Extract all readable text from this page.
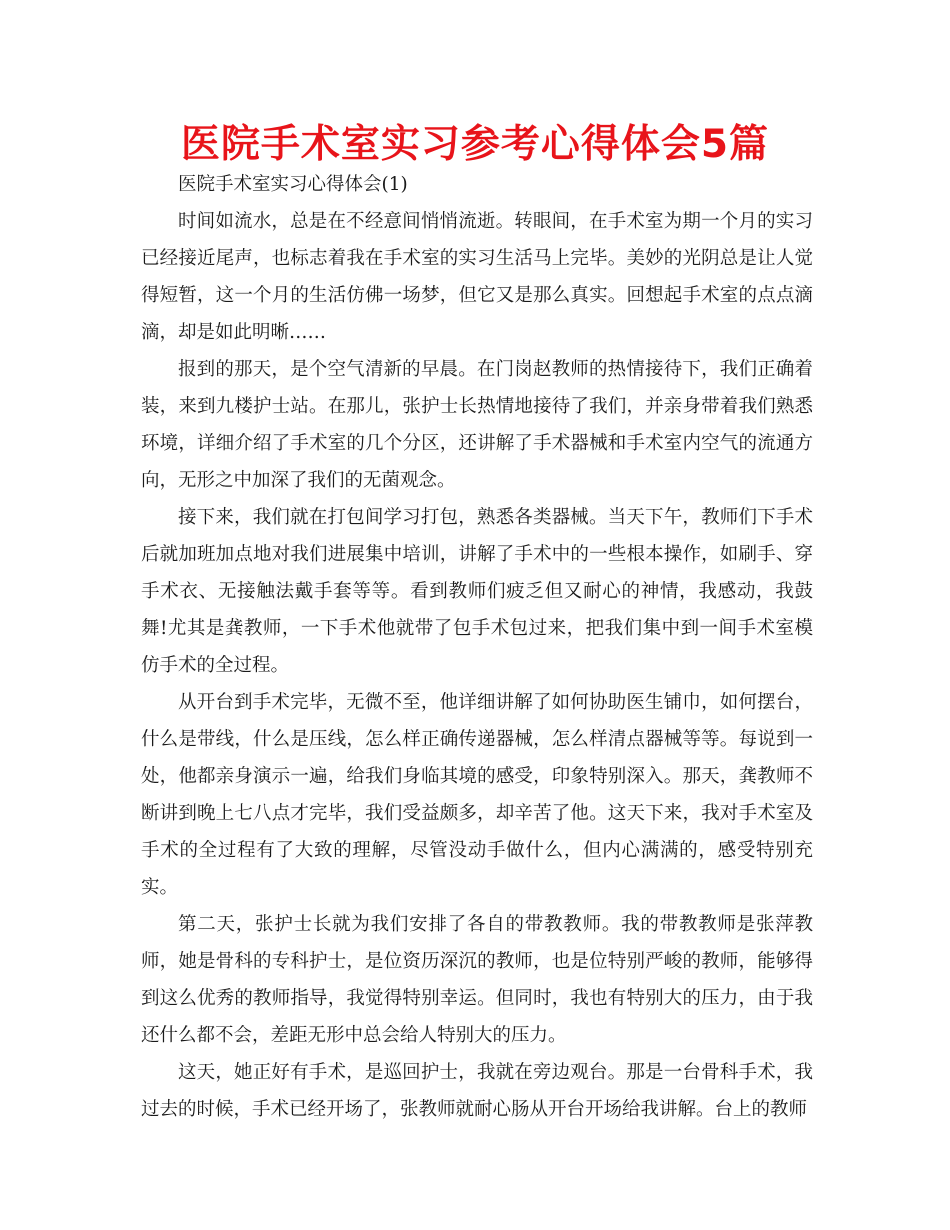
医院手术室实习参考心得体会5篇

医院手术室实习心得体会(1)

时间如流水，总是在不经意间悄悄流逝。转眼间，在手术室为期一个月的实习已经接近尾声，也标志着我在手术室的实习生活马上完毕。美妙的光阴总是让人觉得短暂，这一个月的生活仿佛一场梦，但它又是那么真实。回想起手术室的点点滴滴，却是如此明晰……

报到的那天，是个空气清新的早晨。在门岗赵教师的热情接待下，我们正确着装，来到九楼护士站。在那儿，张护士长热情地接待了我们，并亲身带着我们熟悉环境，详细介绍了手术室的几个分区，还讲解了手术器械和手术室内空气的流通方向，无形之中加深了我们的无菌观念。

接下来，我们就在打包间学习打包，熟悉各类器械。当天下午，教师们下手术后就加班加点地对我们进展集中培训，讲解了手术中的一些根本操作，如刷手、穿手术衣、无接触法戴手套等等。看到教师们疲乏但又耐心的神情，我感动，我鼓舞!尤其是龚教师，一下手术他就带了包手术包过来，把我们集中到一间手术室模仿手术的全过程。

从开台到手术完毕，无微不至，他详细讲解了如何协助医生铺巾，如何摆台，什么是带线，什么是压线，怎么样正确传递器械，怎么样清点器械等等。每说到一处，他都亲身演示一遍，给我们身临其境的感受，印象特别深入。那天，龚教师不断讲到晚上七八点才完毕，我们受益颇多，却辛苦了他。这天下来，我对手术室及手术的全过程有了大致的理解，尽管没动手做什么，但内心满满的，感受特别充实。

第二天，张护士长就为我们安排了各自的带教教师。我的带教教师是张萍教师，她是骨科的专科护士，是位资历深沉的教师，也是位特别严峻的教师，能够得到这么优秀的教师指导，我觉得特别幸运。但同时，我也有特别大的压力，由于我还什么都不会，差距无形中总会给人特别大的压力。

这天，她正好有手术，是巡回护士，我就在旁边观台。那是一台骨科手术，我过去的时候，手术已经开场了，张教师就耐心肠从开台开场给我讲解。台上的教师
